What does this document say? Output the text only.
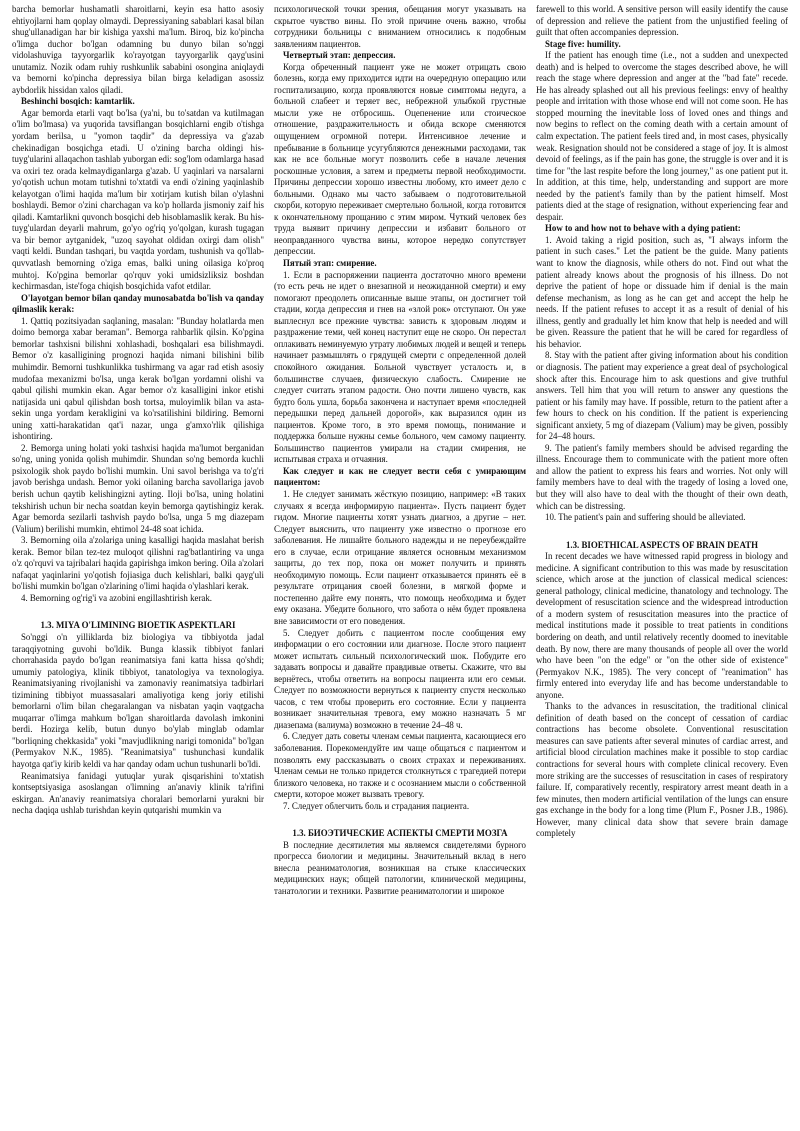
barcha bemorlar hushamatli sharoitlarni, keyin esa hatto asosiy ehtiyojlarni ham qoplay olmaydi. Depressiyaning sabablari kasal bilan shug'ullanadigan har bir kishiga yaxshi ma'lum. Biroq, biz ko'pincha o'limga duchor bo'lgan odamning bu dunyo bilan so'nggi vidolashuviga tayyorgarlik ko'rayotgan tayyorgarlik qayg'usini unutamiz. Nozik odam ruhiy rushkunlik sababini osongina aniqlaydi va bemorni ko'pincha depressiya bilan birga keladigan asossiz aybdorlik hissidan xalos qiladi.

Beshinchi bosqich: kamtarlik.

Agar bemorda etarli vaqt bo'lsa (ya'ni, bu to'satdan va kutilmagan o'lim bo'lmasa) va yuqorida tavsiflangan bosqichlarni engib o'tishga yordam berilsa, u "yomon taqdir" da depressiya va g'azab chekinadigan bosqichga etadi. U o'zining barcha oldingi his-tuyg'ularini allaqachon tashlab yuborgan edi: sog'lom odamlarga hasad va oxiri tez orada kelmaydiganlarga g'azab. U yaqinlari va narsalarni yo'qotish uchun motam tutishni to'xtatdi va endi o'zining yaqinlashib kelayotgan o'limi haqida ma'lum bir xotirjam kutish bilan o'ylashni boshlaydi. Bemor o'zini charchagan va ko'p hollarda jismoniy zaif his qiladi. Kamtarlikni quvonch bosqichi deb hisoblamaslik kerak. Bu his-tuyg'ulardan deyarli mahrum, go'yo og'riq yo'qolgan, kurash tugagan va bir bemor aytganidek, "uzoq sayohat oldidan oxirgi dam olish" vaqti keldi. Bundan tashqari, bu vaqtda yordam, tushunish va qo'llab-quvvatlash bemorning o'ziga emas, balki uning oilasiga ko'proq muhtoj. Ko'pgina bemorlar qo'rquv yoki umidsizliksiz boshdan kechirmasdan, iste'foga chiqish bosqichida vafot etdilar.

O'layotgan bemor bilan qanday munosabatda bo'lish va qanday qilmaslik kerak:

1. Qattiq pozitsiyadan saqlaning, masalan: "Bunday holatlarda men doimo bemorga xabar beraman". Bemorga rahbarlik qilsin. Ko'pgina bemorlar tashxisni bilishni xohlashadi, boshqalari esa bilishmaydi. Bemor o'z kasalligining prognozi haqida nimani bilishini bilib muhimdir. Bemorni tushkunlikka tushirmang va agar rad etish asosiy mudofaa mexanizmi bo'lsa, unga kerak bo'lgan yordamni olishi va qabul qilishi mumkin ekan. Agar bemor o'z kasalligini inkor etishi natijasida uni qabul qilishdan bosh tortsa, muloyimlik bilan va asta-sekin unga yordam kerakligini va ko'rsatilishini bildiring. Bemorni uning xatti-harakatidan qat'i nazar, unga g'amxo'rlik qilishiga ishontiring.

2. Bemorga uning holati yoki tashxisi haqida ma'lumot berganidan so'ng, uning yonida qolish muhimdir. Shundan so'ng bemorda kuchli psixologik shok paydo bo'lishi mumkin. Uni savol berishga va to'g'ri javob berishga undash. Bemor yoki oilaning barcha savollariga javob berish uchun qaytib kelishingizni ayting. Iloji bo'lsa, uning holatini tekshirish uchun bir necha soatdan keyin bemorga qaytishingiz kerak. Agar bemorda sezilarli tashvish paydo bo'lsa, unga 5 mg diazepam (Valium) berilishi mumkin, ehtimol 24-48 soat ichida.

3. Bemorning oila a'zolariga uning kasalligi haqida maslahat berish kerak. Bemor bilan tez-tez muloqot qilishni rag'batlantiring va unga o'z qo'rquvi va tajribalari haqida gapirishga imkon bering. Oila a'zolari nafaqat yaqinlarini yo'qotish fojiasiga duch kelishlari, balki qayg'uli bo'lishi mumkin bo'lgan o'zlarining o'limi haqida o'ylashlari kerak.

4. Bemorning og'rig'i va azobini engillashtirish kerak.

1.3. MIYA O'LIMINING BIOETIK ASPEKTLARI

So'nggi o'n yilliklarda biz biologiya va tibbiyotda jadal taraqqiyotning guvohi bo'ldik. Bunga klassik tibbiyot fanlari chorrahasida paydo bo'lgan reanimatsiya fani katta hissa qo'shdi; umumiy patologiya, klinik tibbiyot, tanatologiya va texnologiya. Reanimatsiyaning rivojlanishi va zamonaviy reanimatsiya tadbirlari tizimining tibbiyot muassasalari amaliyotiga keng joriy etilishi bemorlarni o'lim bilan chegaralangan va nisbatan yaqin vaqtgacha muqarrar o'limga mahkum bo'lgan sharoitlarda davolash imkonini berdi. Hozirga kelib, butun dunyo bo'ylab minglab odamlar "borliqning chekkasida" yoki "mavjudlikning narigi tomonida" bo'lgan (Permyakov N.K., 1985). "Reanimatsiya" tushunchasi kundalik hayotga qat'iy kirib keldi va har qanday odam uchun tushunarli bo'ldi.

Reanimatsiya fanidagi yutuqlar yurak qisqarishini to'xtatish kontseptsiyasiga asoslangan o'limning an'anaviy klinik ta'rifini eskirgan. An'anaviy reanimatsiya choralari bemorlarni yurakni bir necha daqiqa ushlab turishdan keyin qutqarishi mumkin va

психологической точки зрения, обещания могут указывать на скрытое чувство вины. По этой причине очень важно, чтобы сотрудники больницы с вниманием относились к подобным заявлениям пациентов.

Четвертый этап: депрессия.

Когда обреченный пациент уже не может отрицать свою болезнь, когда ему приходится идти на очередную операцию или госпитализацию, когда проявляются новые симптомы недуга, а больной слабеет и теряет вес, небрежной улыбкой грустные мысли уже не отбросишь. Оцепенение или стоическое отношение, раздражительность и обида вскоре сменяются ощущением огромной потери. Интенсивное лечение и пребывание в больнице усугубляются денежными расходами, так как не все больные могут позволить себе в начале лечения роскошные условия, а затем и предметы первой необходимости. Причины депрессии хорошо известны любому, кто имеет дело с больными. Однако мы часто забываем о подготовительной скорби, которую переживает смертельно больной, когда готовится к окончательному прощанию с этим миром. Чуткий человек без труда выявит причину депрессии и избавит больного от неоправданного чувства вины, которое нередко сопутствует депрессии.

Пятый этап: смирение.

1. Если в распоряжении пациента достаточно много времени (то есть речь не идет о внезапной и неожиданной смерти) и ему помогают преодолеть описанные выше этапы, он достигнет той стадии, когда депрессия и гнев на «злой рок» отступают. Он уже выплеснул все прежние чувства: зависть к здоровым людям и раздражение теми, чей конец наступит еще не скоро. Он перестал оплакивать неминуемую утрату любимых людей и вещей и теперь начинает размышлять о грядущей смерти с определенной долей спокойного ожидания. Больной чувствует усталость и, в большинстве случаев, физическую слабость. Смирение не следует считать этапом радости. Оно почти лишено чувств, как будто боль ушла, борьба закончена и наступает время «последней передышки перед дальней дорогой», как выразился один из пациентов. Кроме того, в это время помощь, понимание и поддержка больше нужны семье больного, чем самому пациенту. Большинство пациентов умирали на стадии смирения, не испытывая страха и отчаяния.

Как следует и как не следует вести себя с умирающим пациентом:

1. Не следует занимать жёсткую позицию, например: «В таких случаях я всегда информирую пациента». Пусть пациент будет гидом. Многие пациенты хотят узнать диагноз, а другие – нет. Следует выяснить, что пациенту уже известно о прогнозе его заболевания. Не лишайте больного надежды и не переубеждайте его в случае, если отрицание является основным механизмом защиты, до тех пор, пока он может получить и принять необходимую помощь. Если пациент отказывается принять её в результате отрицания своей болезни, в мягкой форме и постепенно дайте ему понять, что помощь необходима и будет ему оказана. Убедите больного, что забота о нём будет проявлена вне зависимости от его поведения.

5. Следует добить с пациентом после сообщения ему информации о его состоянии или диагнозе. После этого пациент может испытать сильный психологический шок. Побудите его задавать вопросы и давайте правдивые ответы. Скажите, что вы вернётесь, чтобы ответить на вопросы пациента или его семьи. Следует по возможности вернуться к пациенту спустя несколько часов, с тем чтобы проверить его состояние. Если у пациента возникает значительная тревога, ему можно назначать 5 мг диазепама (валиума) возможно в течение 24–48 ч.

6. Следует дать советы членам семьи пациента, касающиеся его заболевания. Порекомендуйте им чаще общаться с пациентом и позволять ему рассказывать о своих страхах и переживаниях. Членам семьи не только придется столкнуться с трагедией потери близкого человека, но также и с осознанием мысли о собственной смерти, которое может вызвать тревогу.

7. Следует облегчить боль и страдания пациента.

1.3. БИОЭТИЧЕСКИЕ АСПЕКТЫ СМЕРТИ МОЗГА

В последние десятилетия мы являемся свидетелями бурного прогресса биологии и медицины. Значительный вклад в него внесла реаниматология, возникшая на стыке классических медицинских наук; общей патологии, клинической медицины, танатологии и техники. Развитие реаниматологии и широкое

farewell to this world. A sensitive person will easily identify the cause of depression and relieve the patient from the unjustified feeling of guilt that often accompanies depression.

Stage five: humility.

If the patient has enough time (i.e., not a sudden and unexpected death) and is helped to overcome the stages described above, he will reach the stage where depression and anger at the "bad fate" recede. He has already splashed out all his previous feelings: envy of healthy people and irritation with those whose end will not come soon. He has stopped mourning the inevitable loss of loved ones and things and now begins to reflect on the coming death with a certain amount of calm expectation. The patient feels tired and, in most cases, physically weak. Resignation should not be considered a stage of joy. It is almost devoid of feelings, as if the pain has gone, the struggle is over and it is time for "the last respite before the long journey," as one patient put it. In addition, at this time, help, understanding and support are more needed by the patient's family than by the patient himself. Most patients died at the stage of resignation, without experiencing fear and despair.

How to and how not to behave with a dying patient:

1. Avoid taking a rigid position, such as, "I always inform the patient in such cases." Let the patient be the guide. Many patients want to know the diagnosis, while others do not. Find out what the patient already knows about the prognosis of his illness. Do not deprive the patient of hope or dissuade him if denial is the main defense mechanism, as long as he can get and accept the help he needs. If the patient refuses to accept it as a result of denial of his illness, gently and gradually let him know that help is needed and will be given. Reassure the patient that he will be cared for regardless of his behavior.

8. Stay with the patient after giving information about his condition or diagnosis. The patient may experience a great deal of psychological shock after this. Encourage him to ask questions and give truthful answers. Tell him that you will return to answer any questions the patient or his family may have. If possible, return to the patient after a few hours to check on his condition. If the patient is experiencing significant anxiety, 5 mg of diazepam (Valium) may be given, possibly for 24–48 hours.

9. The patient's family members should be advised regarding the illness. Encourage them to communicate with the patient more often and allow the patient to express his fears and worries. Not only will family members have to deal with the tragedy of losing a loved one, but they will also have to deal with the thought of their own death, which can be distressing.

10. The patient's pain and suffering should be alleviated.

1.3. BIOETHICAL ASPECTS OF BRAIN DEATH

In recent decades we have witnessed rapid progress in biology and medicine. A significant contribution to this was made by resuscitation science, which arose at the junction of classical medical sciences: general pathology, clinical medicine, thanatology and technology. The development of resuscitation science and the widespread introduction of a modern system of resuscitation measures into the practice of medical institutions made it possible to treat patients in conditions bordering on death, and until relatively recently doomed to inevitable death. By now, there are many thousands of people all over the world who have been "on the edge" or "on the other side of existence" (Permyakov N.K., 1985). The very concept of "reanimation" has firmly entered into everyday life and has become understandable to anyone.

Thanks to the advances in resuscitation, the traditional clinical definition of death based on the concept of cessation of cardiac contractions has become obsolete. Conventional resuscitation measures can save patients after several minutes of cardiac arrest, and artificial blood circulation machines make it possible to stop cardiac contractions for several hours with complete clinical recovery. Even more striking are the successes of resuscitation in cases of respiratory failure. If, comparatively recently, respiratory arrest meant death in a few minutes, then modern artificial ventilation of the lungs can ensure gas exchange in the body for a long time (Plum F., Posner J.B., 1986). However, many clinical data show that severe brain damage completely
